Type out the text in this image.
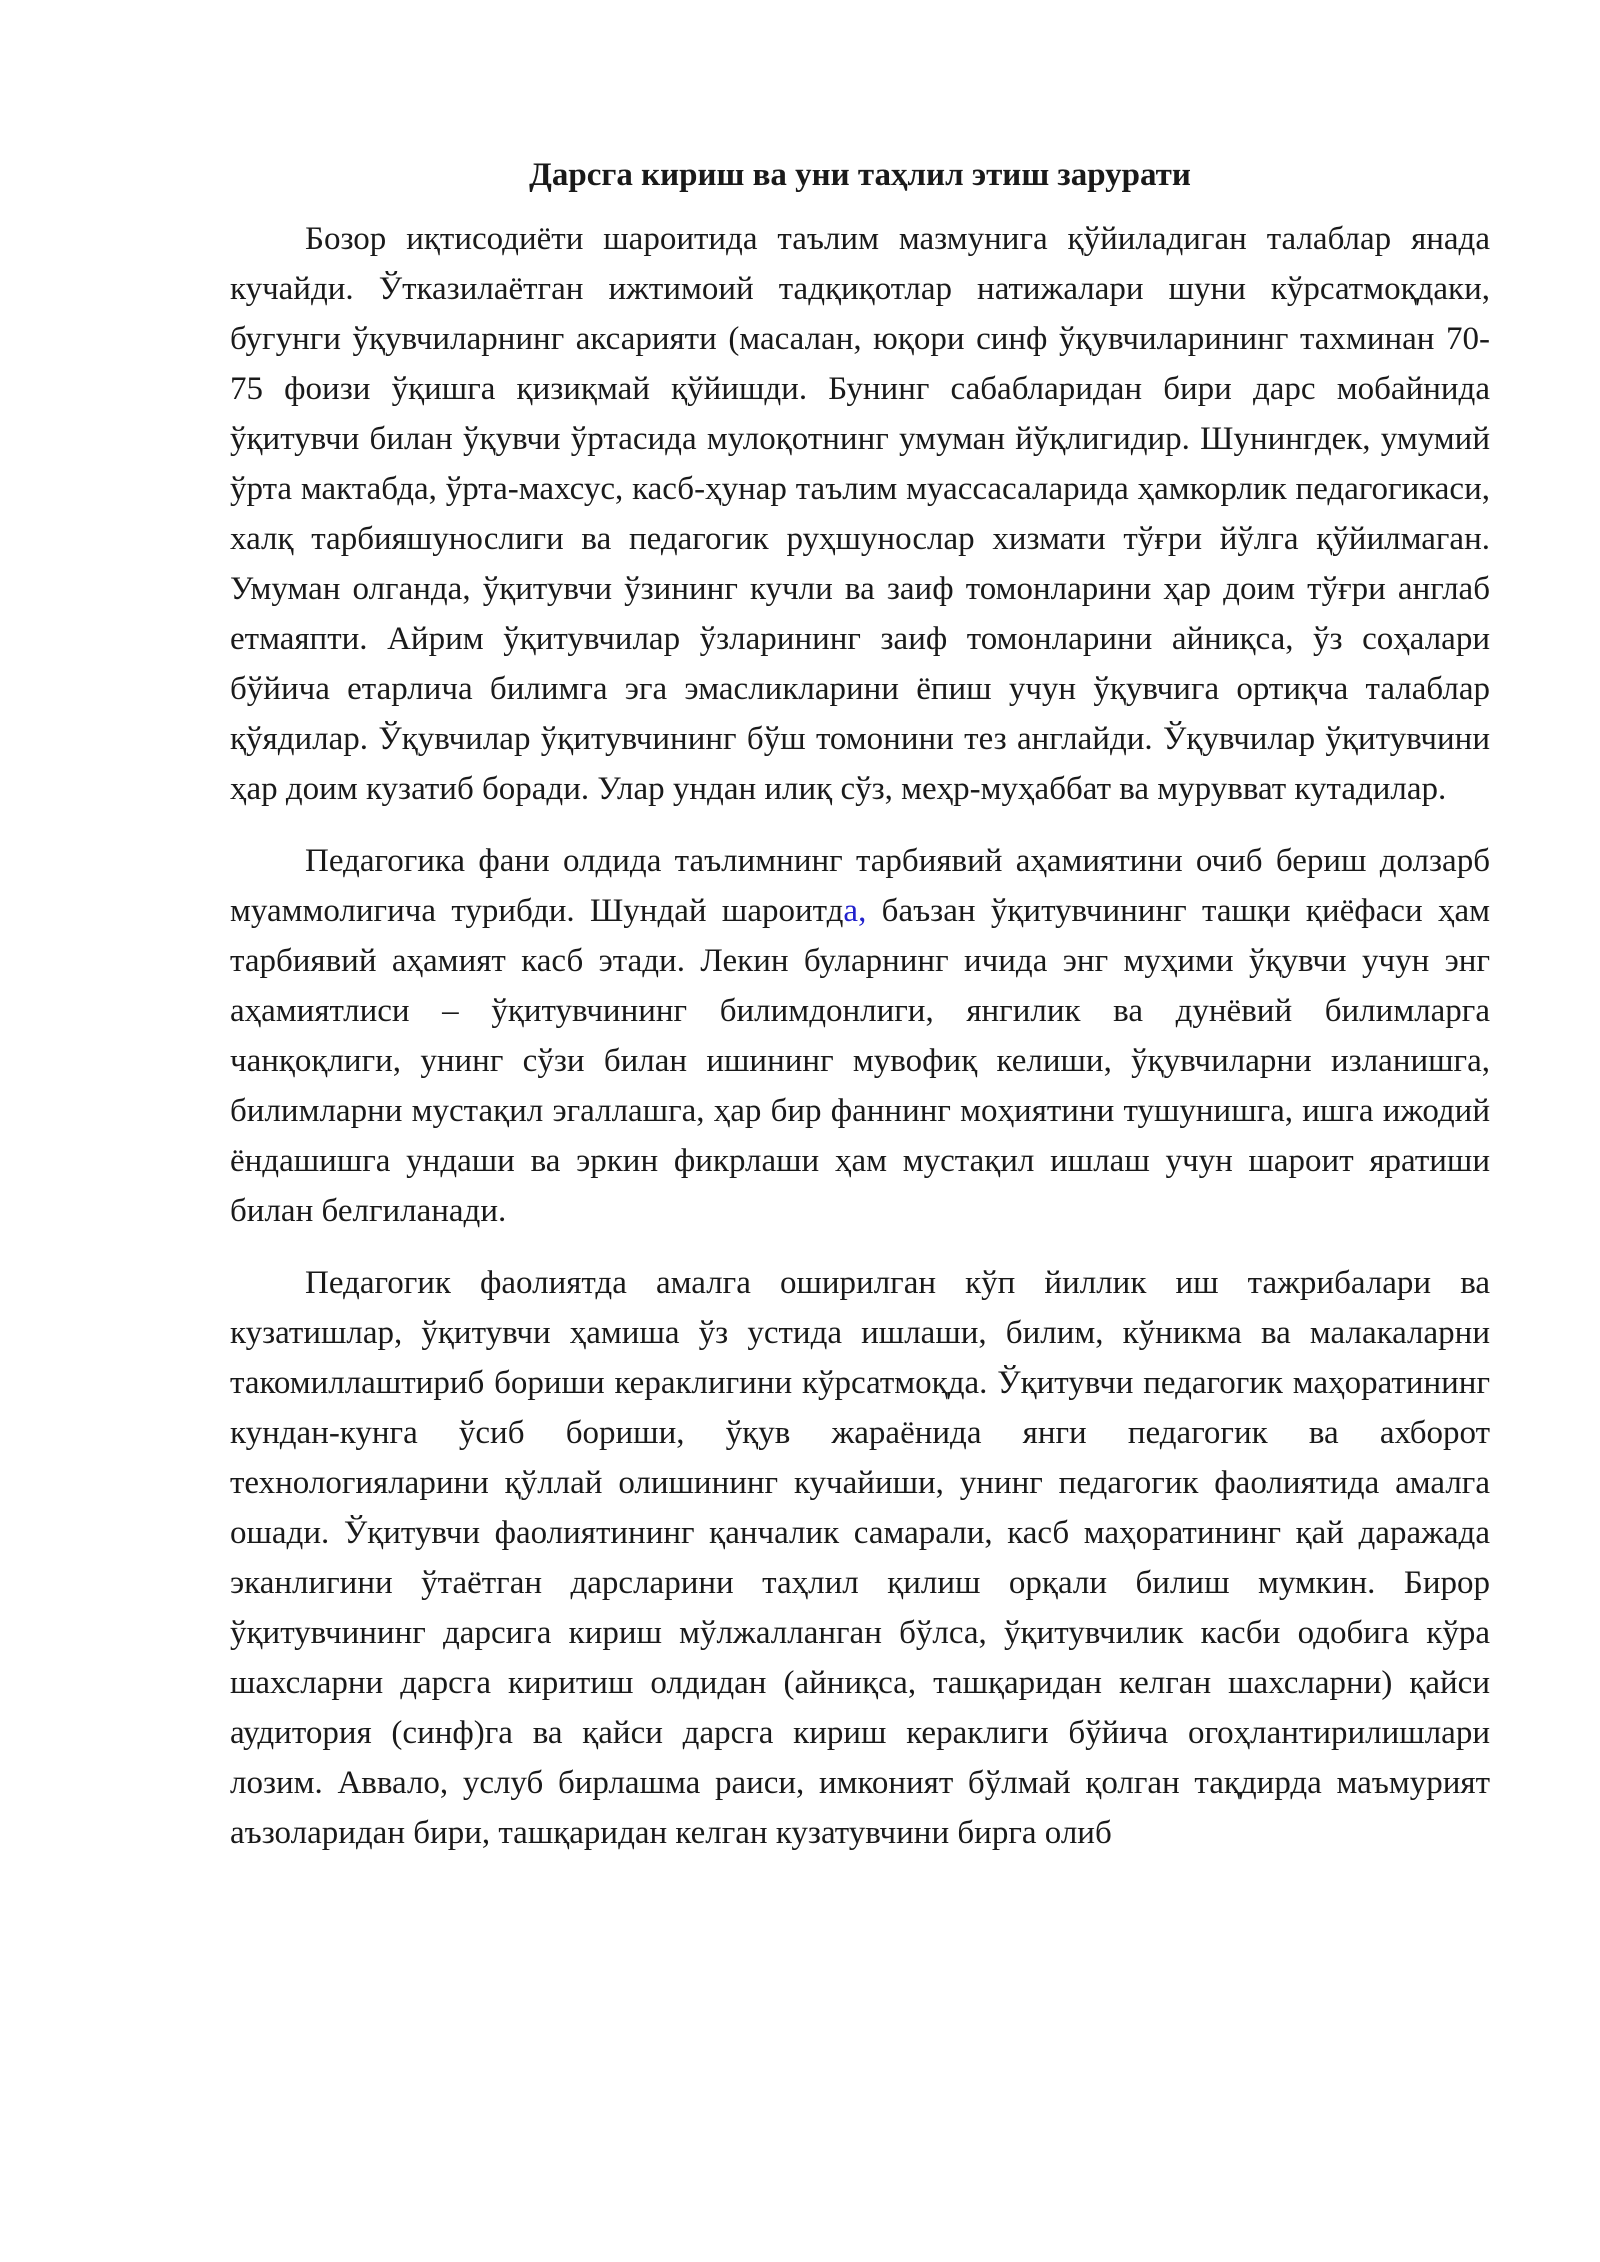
Дарсга кириш ва уни таҳлил этиш зарурати

Бозор иқтисодиёти шароитида таълим мазмунига қўйиладиган талаблар янада кучайди. Ўтказилаётган ижтимоий тадқиқотлар натижалари шуни кўрсатмоқдаки, бугунги ўқувчиларнинг аксарияти (масалан, юқори синф ўқувчиларининг тахминан 70-75 фоизи ўқишга қизиқмай қўйишди. Бунинг сабабларидан бири дарс мобайнида ўқитувчи билан ўқувчи ўртасида мулоқотнинг умуман йўқлигидир. Шунингдек, умумий ўрта мактабда, ўрта-махсус, касб-ҳунар таълим муассасаларида ҳамкорлик педагогикаси, халқ тарбияшунослиги ва педагогик руҳшунослар хизмати тўғри йўлга қўйилмаган. Умуман олганда, ўқитувчи ўзининг кучли ва заиф томонларини ҳар доим тўғри англаб етмаяпти. Айрим ўқитувчилар ўзларининг заиф томонларини айниқса, ўз соҳалари бўйича етарлича билимга эга эмасликларини ёпиш учун ўқувчига ортиқча талаблар қўядилар. Ўқувчилар ўқитувчининг бўш томонини тез англайди. Ўқувчилар ўқитувчини ҳар доим кузатиб боради. Улар ундан илиқ сўз, меҳр-муҳаббат ва мурувват кутадилар.

Педагогика фани олдида таълимнинг тарбиявий аҳамиятини очиб бериш долзарб муаммолигича турибди. Шундай шароитда, баъзан ўқитувчининг ташқи қиёфаси ҳам тарбиявий аҳамият касб этади. Лекин буларнинг ичида энг муҳими ўқувчи учун энг аҳамиятлиси – ўқитувчининг билимдонлиги, янгилик ва дунёвий билимларга чанқоқлиги, унинг сўзи билан ишининг мувофиқ келиши, ўқувчиларни изланишга, билимларни мустақил эгаллашга, ҳар бир фаннинг моҳиятини тушунишга, ишга ижодий ёндашишга ундаши ва эркин фикрлаши ҳам мустақил ишлаш учун шароит яратиши билан белгиланади.

Педагогик фаолиятда амалга оширилган кўп йиллик иш тажрибалари ва кузатишлар, ўқитувчи ҳамиша ўз устида ишлаши, билим, кўникма ва малакаларни такомиллаштириб бориши кераклигини кўрсатмоқда. Ўқитувчи педагогик маҳоратининг кундан-кунга ўсиб бориши, ўқув жараёнида янги педагогик ва ахборот технологияларини қўллай олишининг кучайиши, унинг педагогик фаолиятида амалга ошади. Ўқитувчи фаолиятининг қанчалик самарали, касб маҳоратининг қай даражада эканлигини ўтаётган дарсларини таҳлил қилиш орқали билиш мумкин. Бирор ўқитувчининг дарсига кириш мўлжалланган бўлса, ўқитувчилик касби одобига кўра шахсларни дарсга киритиш олдидан (айниқса, ташқаридан келган шахсларни) қайси аудитория (синф)га ва қайси дарсга кириш кераклиги бўйича огоҳлантирилишлари лозим. Аввало, услуб бирлашма раиси, имконият бўлмай қолган тақдирда маъмурият аъзоларидан бири, ташқаридан келган кузатувчини бирга олиб
